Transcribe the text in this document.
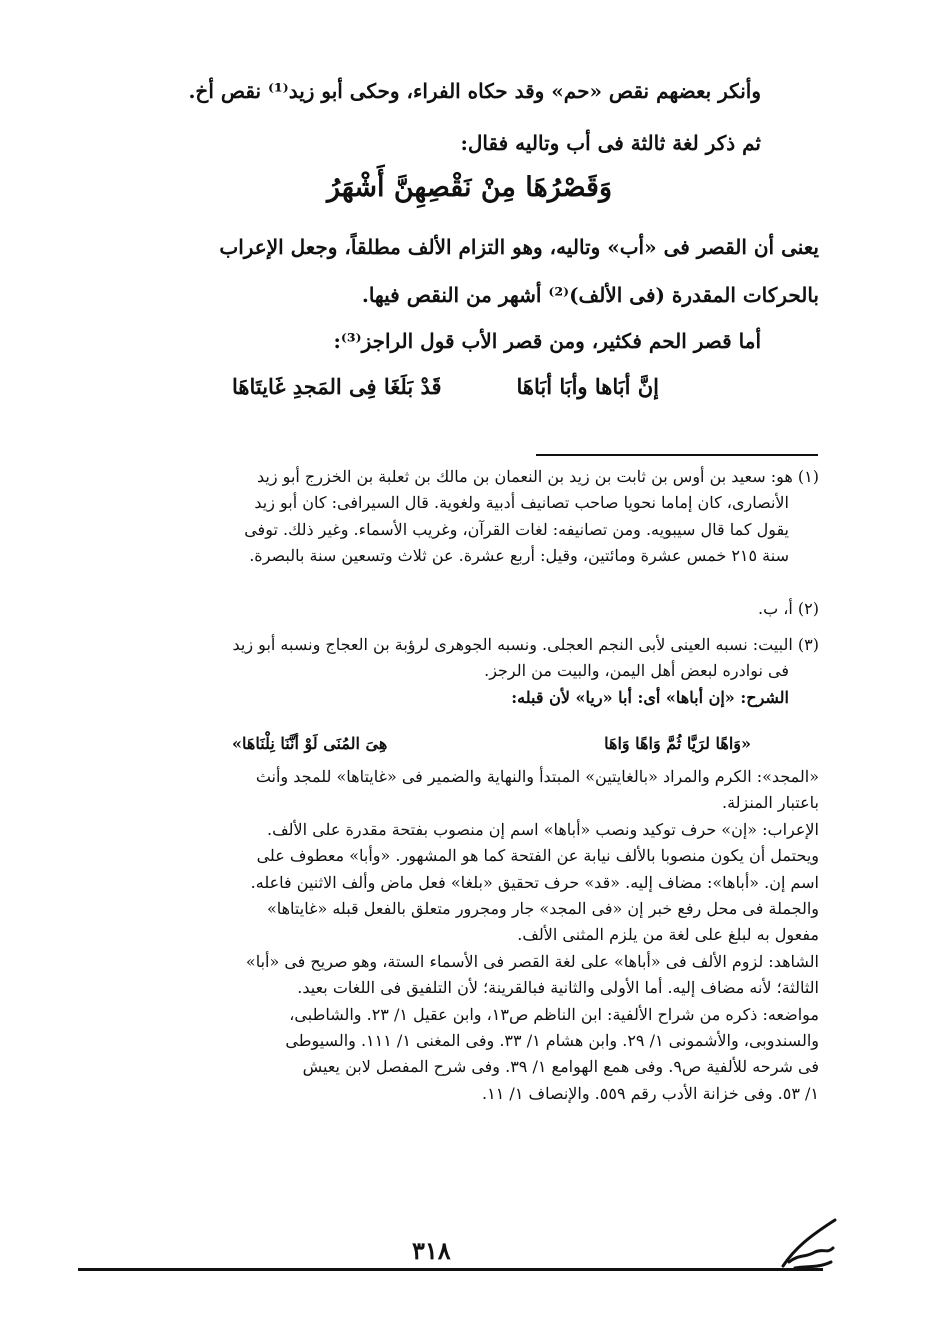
وأنكر بعضهم نقص «حم» وقد حكاه الفراء، وحكى أبو زيد⁽¹⁾ نقص أخ.
ثم ذكر لغة ثالثة فى أب وتاليه فقال:
وَقَصْرُهَا مِنْ نَقْصِهِنَّ أَشْهَرُ
يعنى أن القصر فى «أب» وتاليه، وهو التزام الألف مطلقاً، وجعل الإعراب
بالحركات المقدرة (فى الألف)⁽²⁾ أشهر من النقص فيها.
أما قصر الحم فكثير، ومن قصر الأب قول الراجز⁽³⁾:
إنَّ أبَاها وأبَا أبَاهَا
قَدْ بَلَغَا فِى المَجدِ غَايتَاهَا
(١) هو: سعيد بن أوس بن ثابت بن زيد بن النعمان بن مالك بن ثعلبة بن الخزرج أبو زيد
الأنصارى، كان إماما نحويا صاحب تصانيف أدبية ولغوية. قال السيرافى: كان أبو زيد
يقول كما قال سيبويه. ومن تصانيفه: لغات القرآن، وغريب الأسماء. وغير ذلك. توفى
سنة ٢١٥ خمس عشرة ومائتين، وقيل: أربع عشرة. عن ثلاث وتسعين سنة بالبصرة.
(٢) أ، ب.
(٣) البيت: نسبه العينى لأبى النجم العجلى. ونسبه الجوهرى لرؤبة بن العجاج ونسبه أبو زيد
فى نوادره لبعض أهل اليمن، والبيت من الرجز.
الشرح: «إن أباها» أى: أبا «ريا» لأن قبله:
«وَاهًا لرَيَّا ثُمَّ وَاهًا وَاهَا
هِىَ المُنَى لَوْ أنَّنَا نِلْنَاهَا»
«المجد»: الكرم والمراد «بالغايتين» المبتدأ والنهاية والضمير فى «غايتاها» للمجد وأنث
باعتبار المنزلة.
الإعراب: «إن» حرف توكيد ونصب «أباها» اسم إن منصوب بفتحة مقدرة على الألف.
ويحتمل أن يكون منصوبا بالألف نيابة عن الفتحة كما هو المشهور. «وأبا» معطوف على
اسم إن. «أباها»: مضاف إليه. «قد» حرف تحقيق «بلغا» فعل ماض وألف الاثنين فاعله.
والجملة فى محل رفع خبر إن «فى المجد» جار ومجرور متعلق بالفعل قبله «غايتاها»
مفعول به لبلغ على لغة من يلزم المثنى الألف.
الشاهد: لزوم الألف فى «أباها» على لغة القصر فى الأسماء الستة، وهو صريح فى «أبا»
الثالثة؛ لأنه مضاف إليه. أما الأولى والثانية فبالقرينة؛ لأن التلفيق فى اللغات بعيد.
مواضعه: ذكره من شراح الألفية: ابن الناظم ص١٣، وابن عقيل ١/ ٢٣. والشاطبى،
والسندوبى، والأشمونى ١/ ٢٩. وابن هشام ١/ ٣٣. وفى المغنى ١/ ١١١. والسيوطى
فى شرحه للألفية ص٩. وفى همع الهوامع ١/ ٣٩. وفى شرح المفصل لابن يعيش
١/ ٥٣. وفى خزانة الأدب رقم ٥٥٩. والإنصاف ١/ ١١.
٣١٨
